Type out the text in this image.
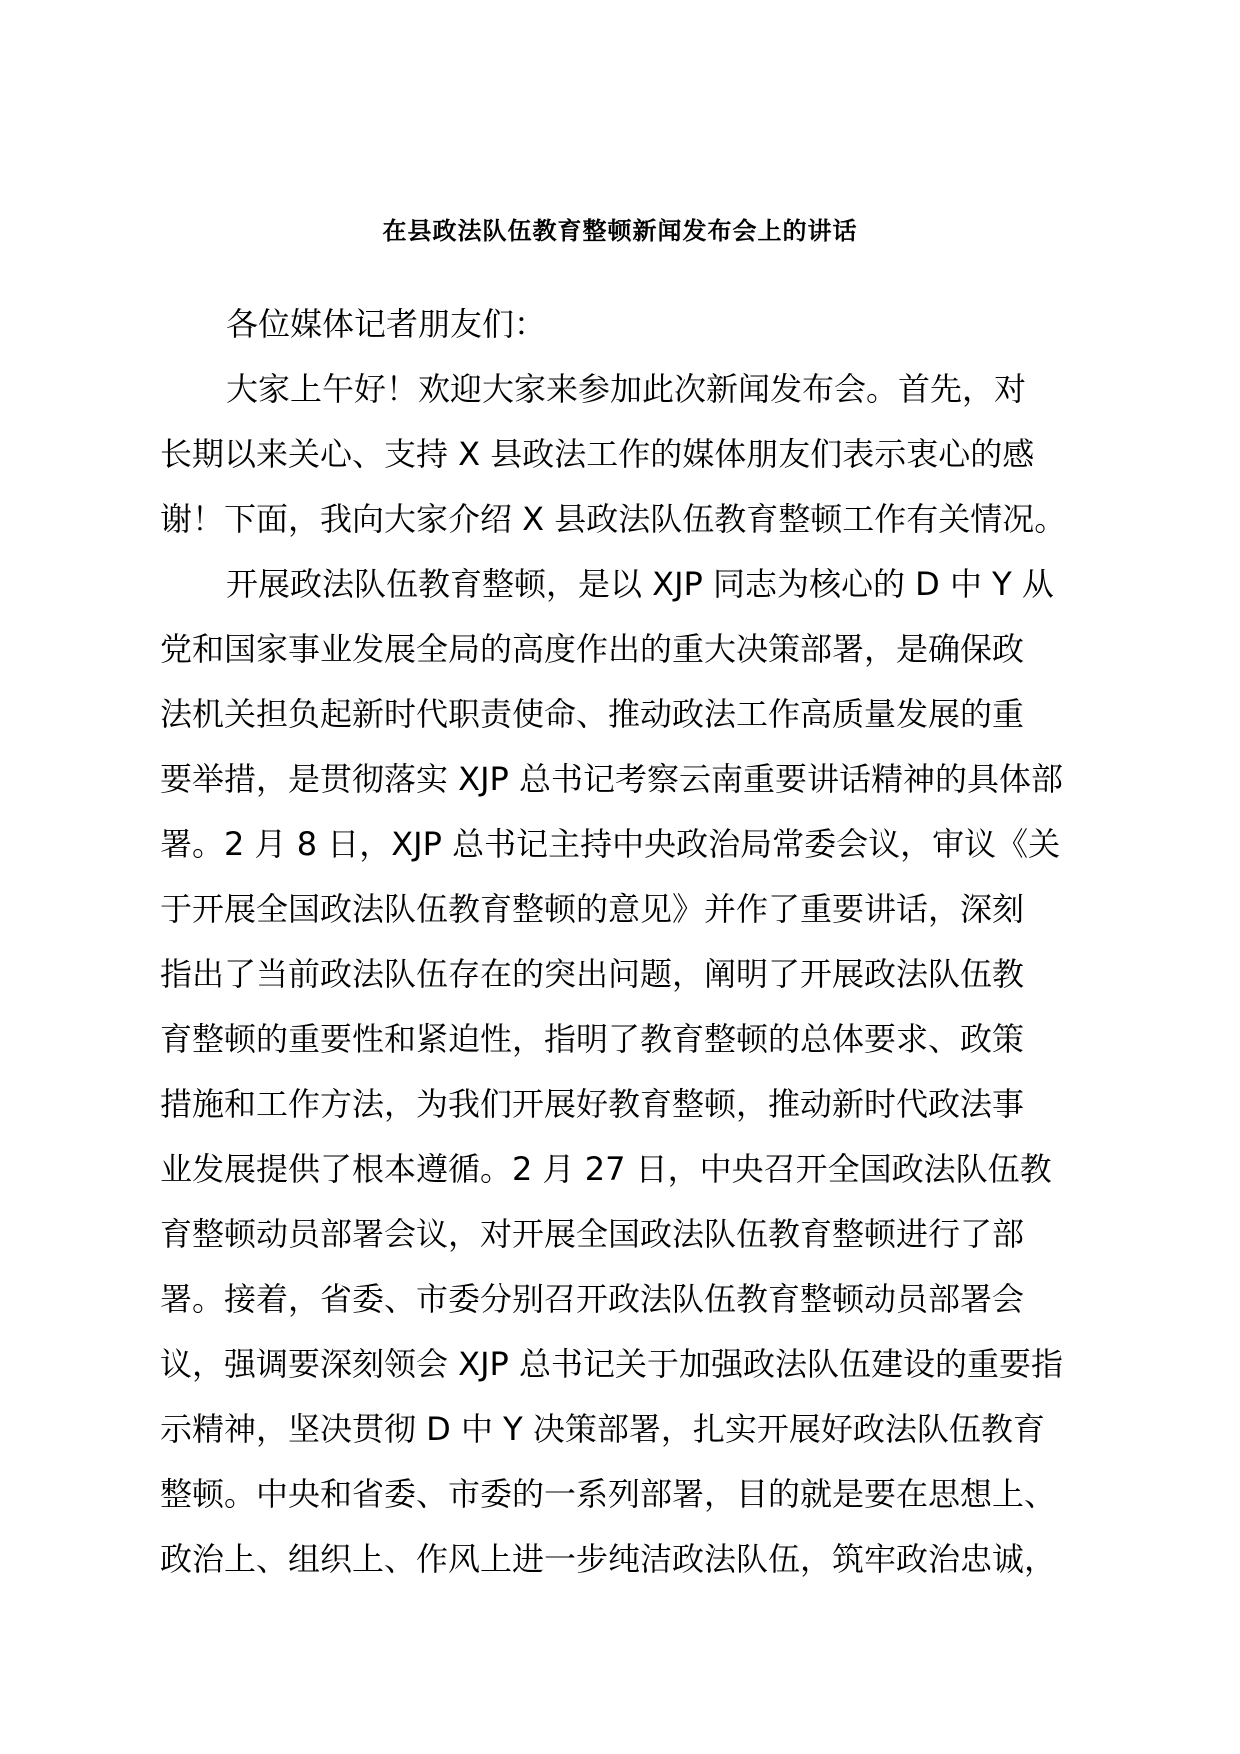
在县政法队伍教育整顿新闻发布会上的讲话

各位媒体记者朋友们：

大家上午好！欢迎大家来参加此次新闻发布会。首先，对

长期以来关心、支持 X 县政法工作的媒体朋友们表示衷心的感

谢！下面，我向大家介绍 X 县政法队伍教育整顿工作有关情况。

开展政法队伍教育整顿，是以 XJP 同志为核心的 D 中 Y 从

党和国家事业发展全局的高度作出的重大决策部署，是确保政

法机关担负起新时代职责使命、推动政法工作高质量发展的重

要举措，是贯彻落实 XJP 总书记考察云南重要讲话精神的具体部

署。2 月 8 日，XJP 总书记主持中央政治局常委会议，审议《关

于开展全国政法队伍教育整顿的意见》并作了重要讲话，深刻

指出了当前政法队伍存在的突出问题，阐明了开展政法队伍教

育整顿的重要性和紧迫性，指明了教育整顿的总体要求、政策

措施和工作方法，为我们开展好教育整顿，推动新时代政法事

业发展提供了根本遵循。2 月 27 日，中央召开全国政法队伍教

育整顿动员部署会议，对开展全国政法队伍教育整顿进行了部

署。接着，省委、市委分别召开政法队伍教育整顿动员部署会

议，强调要深刻领会 XJP 总书记关于加强政法队伍建设的重要指

示精神，坚决贯彻 D 中 Y 决策部署，扎实开展好政法队伍教育

整顿。中央和省委、市委的一系列部署，目的就是要在思想上、

政治上、组织上、作风上进一步纯洁政法队伍，筑牢政治忠诚，
